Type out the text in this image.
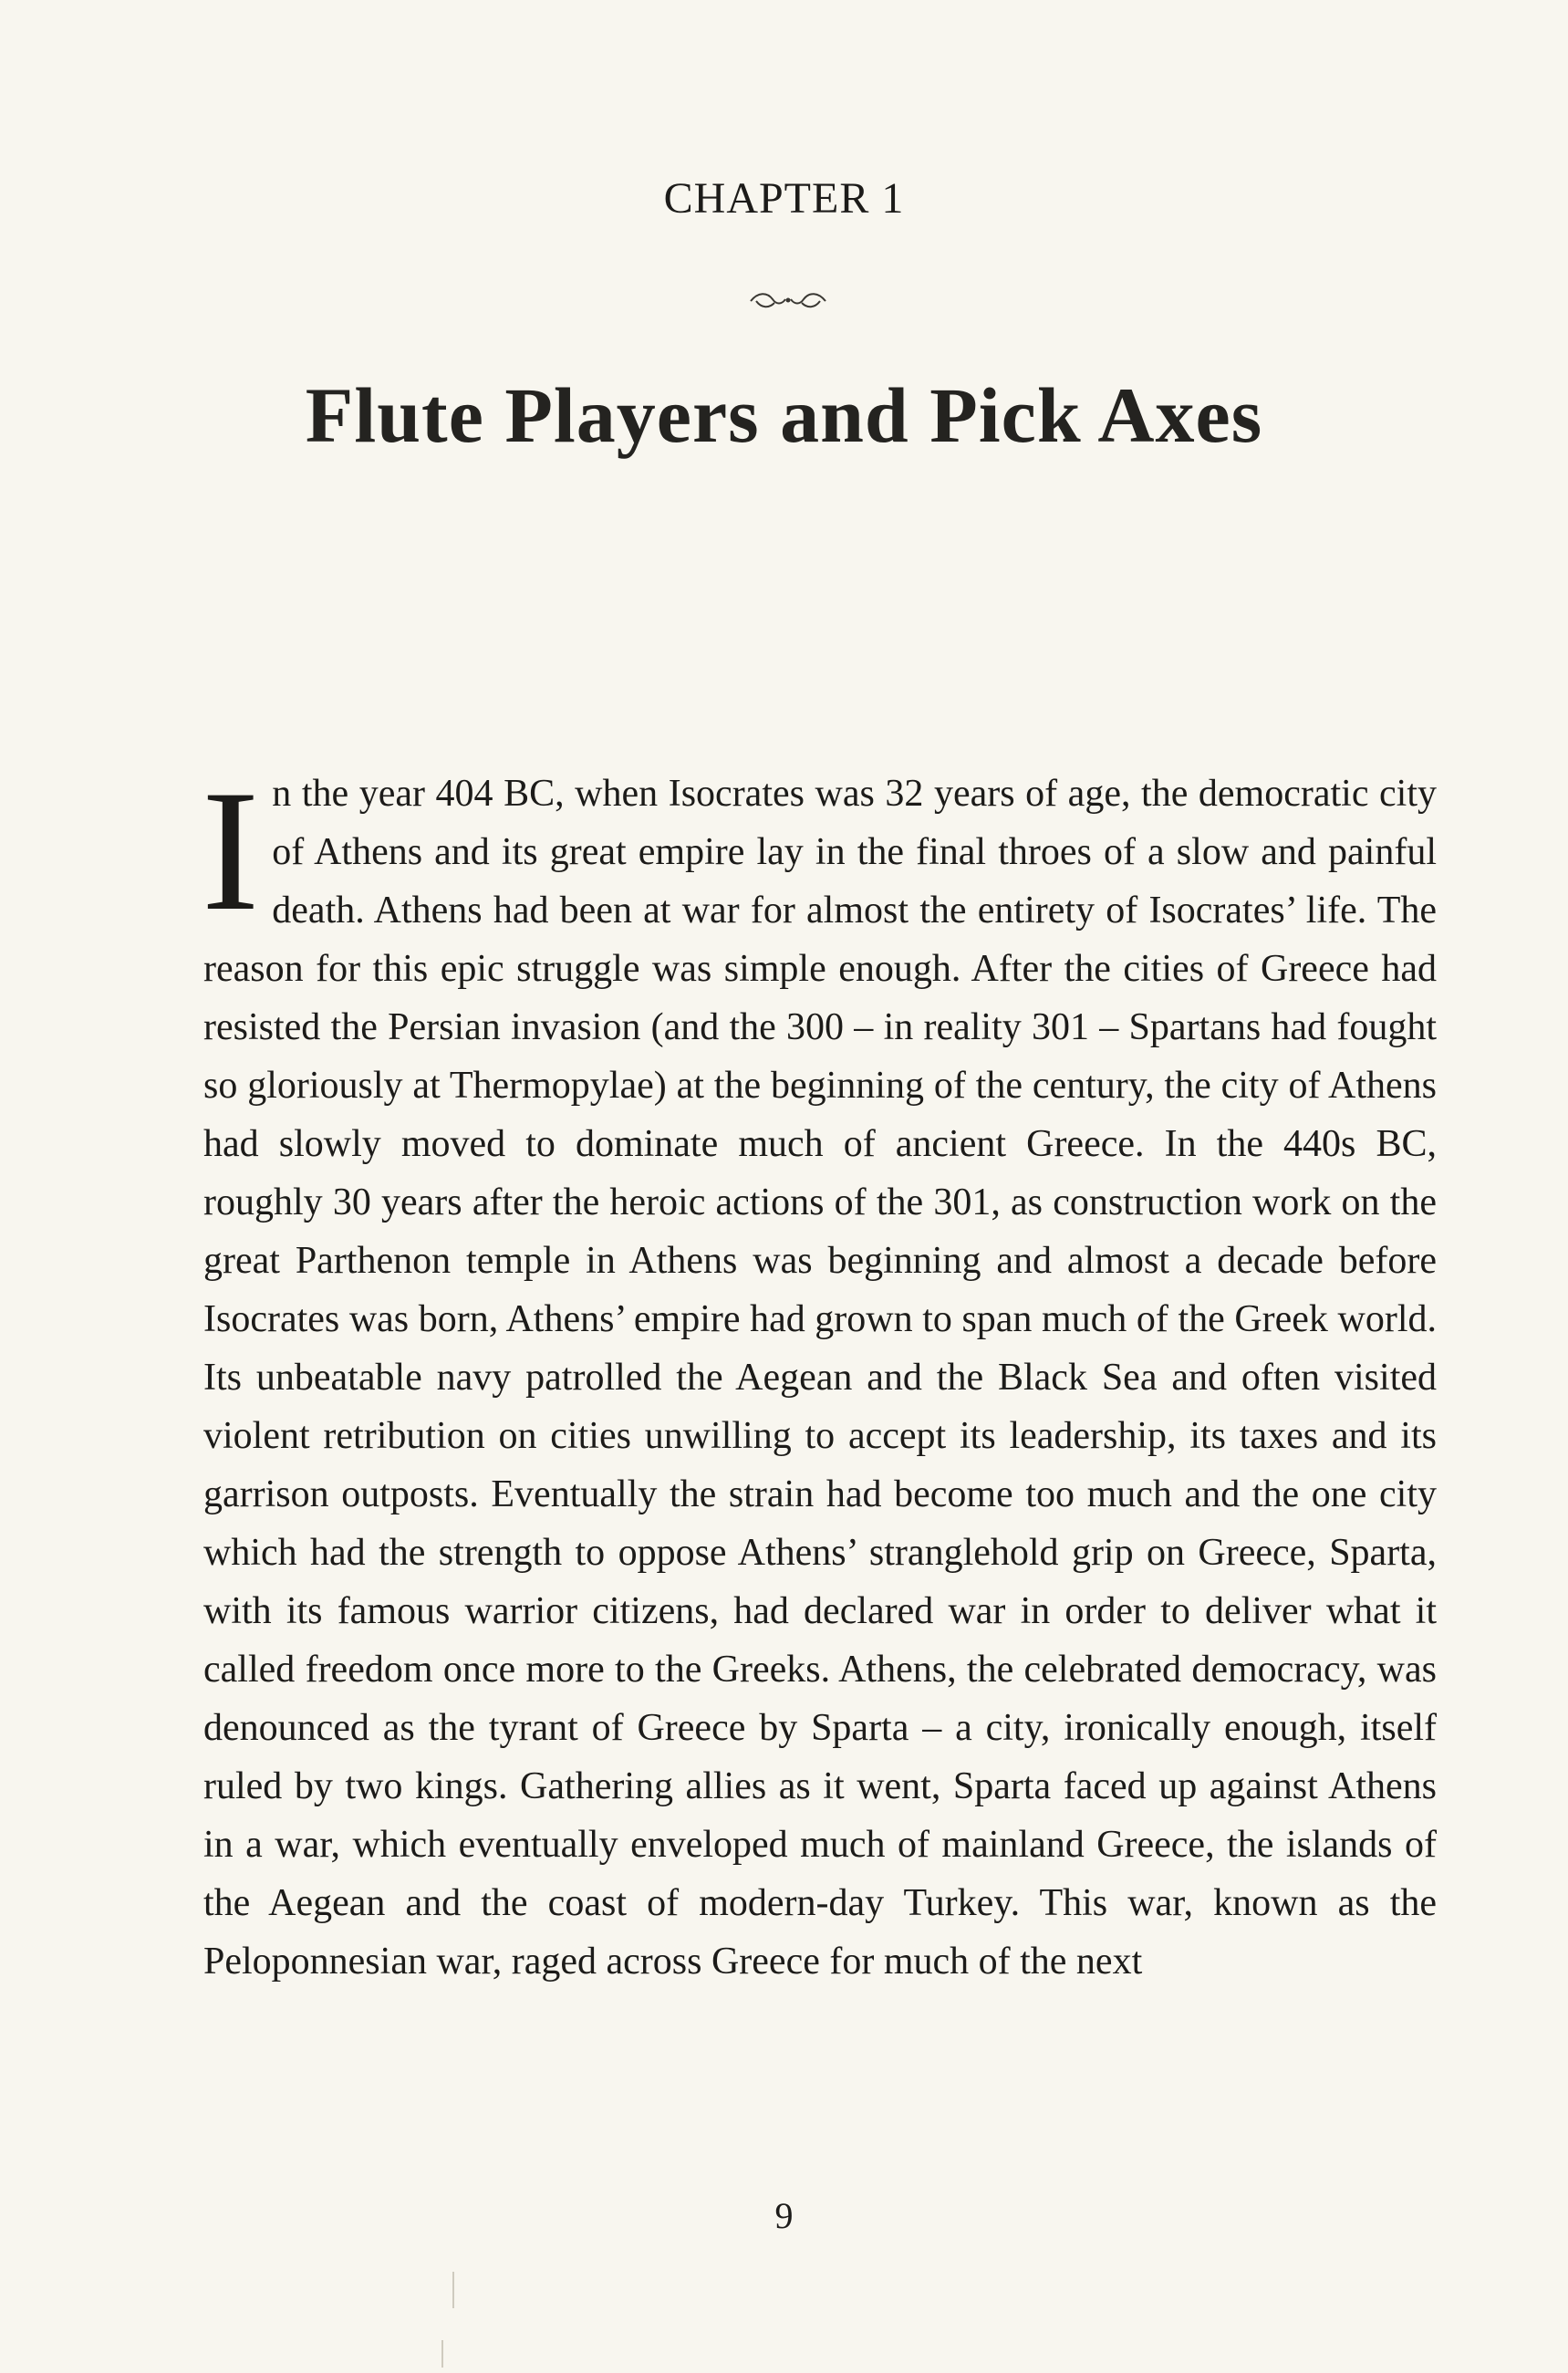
CHAPTER 1
Flute Players and Pick Axes
I n the year 404 BC, when Isocrates was 32 years of age, the democratic city of Athens and its great empire lay in the final throes of a slow and painful death. Athens had been at war for almost the entirety of Isocrates’ life. The reason for this epic struggle was simple enough. After the cities of Greece had resisted the Persian invasion (and the 300 – in reality 301 – Spartans had fought so gloriously at Thermopylae) at the beginning of the century, the city of Athens had slowly moved to dominate much of ancient Greece. In the 440s BC, roughly 30 years after the heroic actions of the 301, as construction work on the great Parthenon temple in Athens was beginning and almost a decade before Isocrates was born, Athens’ empire had grown to span much of the Greek world. Its unbeatable navy patrolled the Aegean and the Black Sea and often visited violent retribution on cities unwilling to accept its leadership, its taxes and its garrison outposts. Eventually the strain had become too much and the one city which had the strength to oppose Athens’ stranglehold grip on Greece, Sparta, with its famous warrior citizens, had declared war in order to deliver what it called freedom once more to the Greeks. Athens, the celebrated democracy, was denounced as the tyrant of Greece by Sparta – a city, ironically enough, itself ruled by two kings. Gathering allies as it went, Sparta faced up against Athens in a war, which eventually enveloped much of mainland Greece, the islands of the Aegean and the coast of modern-day Turkey. This war, known as the Peloponnesian war, raged across Greece for much of the next

9
